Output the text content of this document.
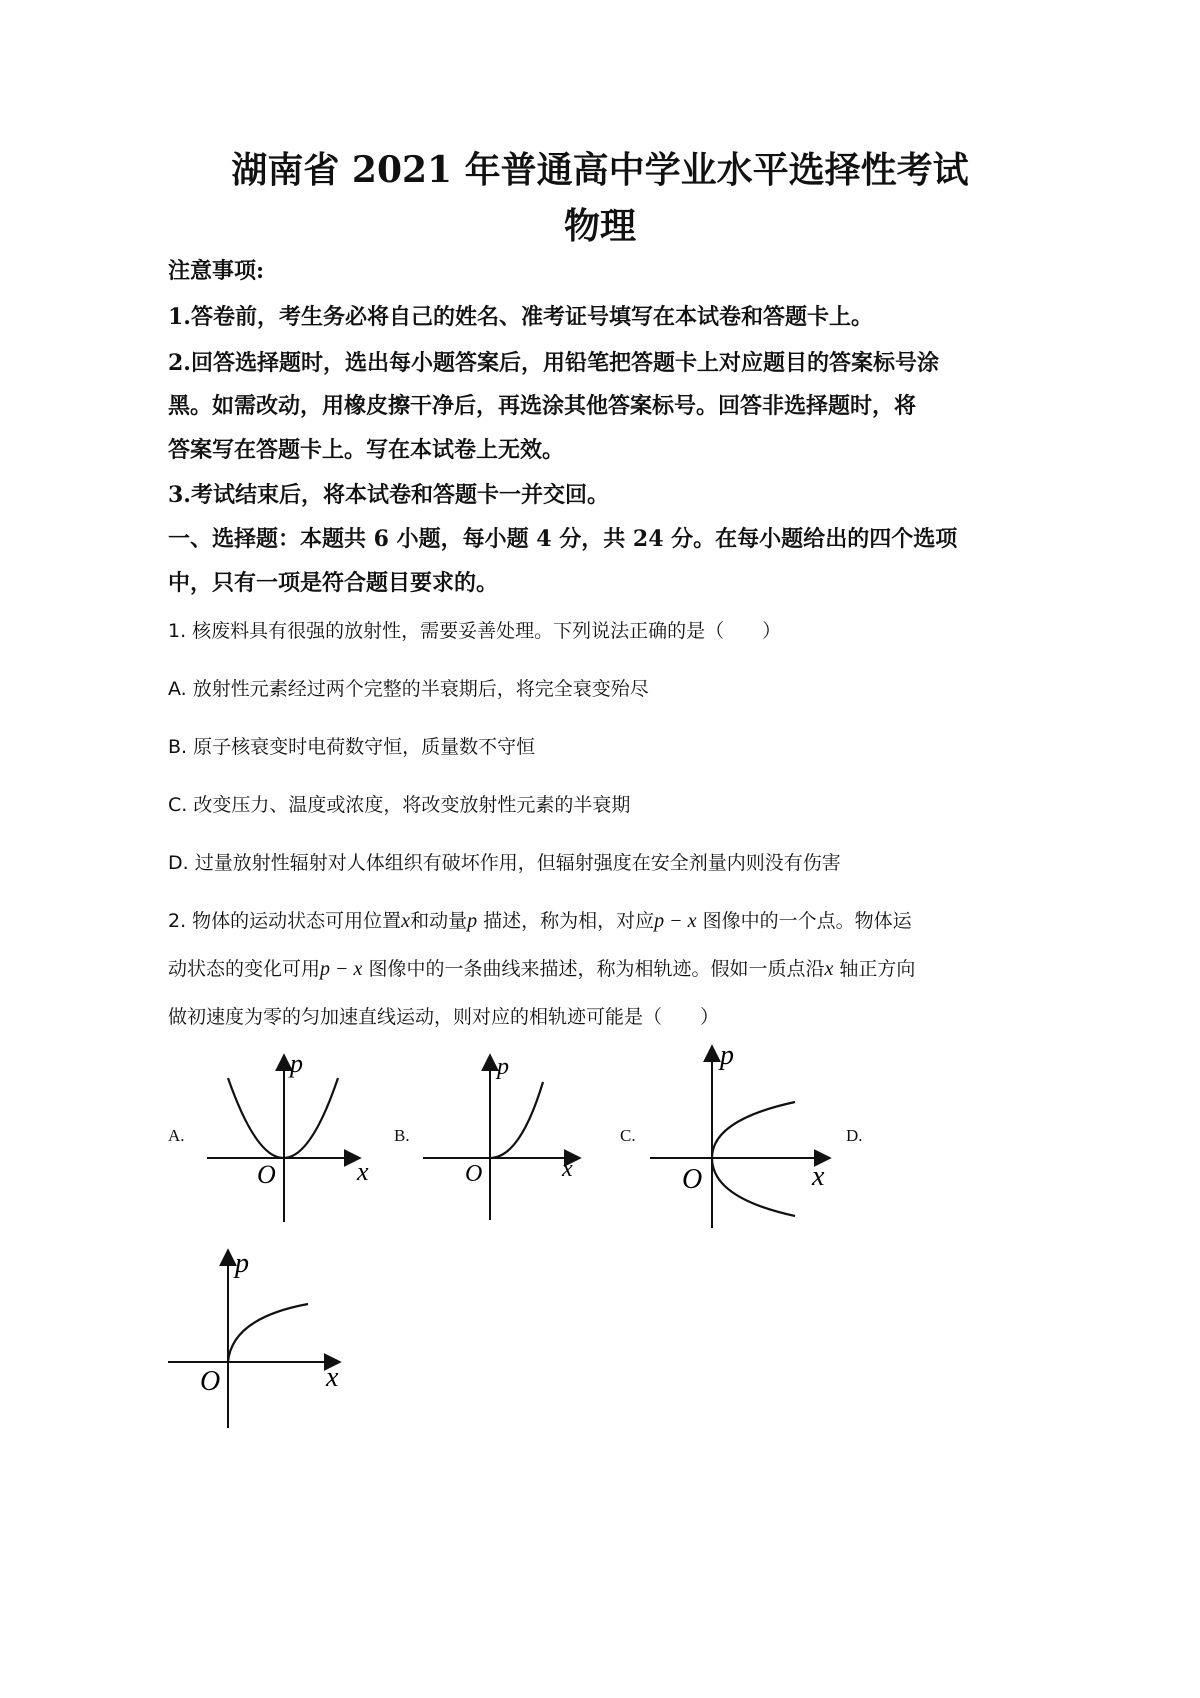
湖南省 2021 年普通高中学业水平选择性考试
物理
注意事项:
1.答卷前，考生务必将自己的姓名、准考证号填写在本试卷和答题卡上。
2.回答选择题时，选出每小题答案后，用铅笔把答题卡上对应题目的答案标号涂
黑。如需改动，用橡皮擦干净后，再选涂其他答案标号。回答非选择题时，将
答案写在答题卡上。写在本试卷上无效。
3.考试结束后，将本试卷和答题卡一并交回。
一、选择题：本题共 6 小题，每小题 4 分，共 24 分。在每小题给出的四个选项
中，只有一项是符合题目要求的。
1. 核废料具有很强的放射性，需要妥善处理。下列说法正确的是（　　）
A. 放射性元素经过两个完整的半衰期后，将完全衰变殆尽
B. 原子核衰变时电荷数守恒，质量数不守恒
C. 改变压力、温度或浓度，将改变放射性元素的半衰期
D. 过量放射性辐射对人体组织有破坏作用，但辐射强度在安全剂量内则没有伤害
2. 物体的运动状态可用位置x和动量p 描述，称为相，对应p − x 图像中的一个点。物体运
动状态的变化可用p − x 图像中的一条曲线来描述，称为相轨迹。假如一质点沿x 轴正方向
做初速度为零的匀加速直线运动，则对应的相轨迹可能是（　　）
A.	B.	C.	D.
p
x
O
p
x
O
p
x
O
p
x
O
